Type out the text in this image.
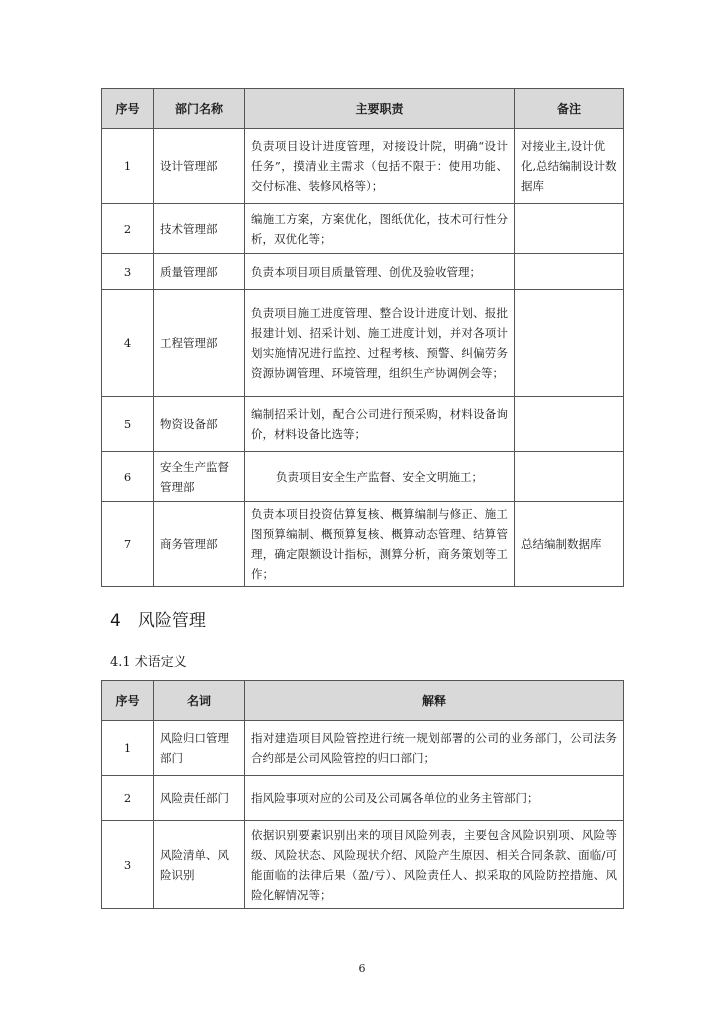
序号	部门名称	主要职责	备注
1	设计管理部	负责项目设计进度管理，对接设计院，明确“设计任务”，摸清业主需求（包括不限于：使用功能、交付标准、装修风格等）；	对接业主,设计优化,总结编制设计数据库
2	技术管理部	编施工方案，方案优化，图纸优化，技术可行性分析，双优化等；	
3	质量管理部	负责本项目项目质量管理、创优及验收管理；	
4	工程管理部	负责项目施工进度管理、整合设计进度计划、报批报建计划、招采计划、施工进度计划，并对各项计划实施情况进行监控、过程考核、预警、纠偏劳务资源协调管理、环境管理，组织生产协调例会等；	
5	物资设备部	编制招采计划，配合公司进行预采购，材料设备询价，材料设备比选等；	
6	安全生产监督管理部	负责项目安全生产监督、安全文明施工；	
7	商务管理部	负责本项目投资估算复核、概算编制与修正、施工图预算编制、概预算复核、概算动态管理、结算管理，确定限额设计指标，测算分析，商务策划等工作；	总结编制数据库
4　风险管理
4.1 术语定义
序号	名词	解释
1	风险归口管理部门	指对建造项目风险管控进行统一规划部署的公司的业务部门，公司法务合约部是公司风险管控的归口部门；
2	风险责任部门	指风险事项对应的公司及公司属各单位的业务主管部门；
3	风险清单、风险识别	依据识别要素识别出来的项目风险列表，主要包含风险识别项、风险等级、风险状态、风险现状介绍、风险产生原因、相关合同条款、面临/可能面临的法律后果（盈/亏）、风险责任人、拟采取的风险防控措施、风险化解情况等；
6
